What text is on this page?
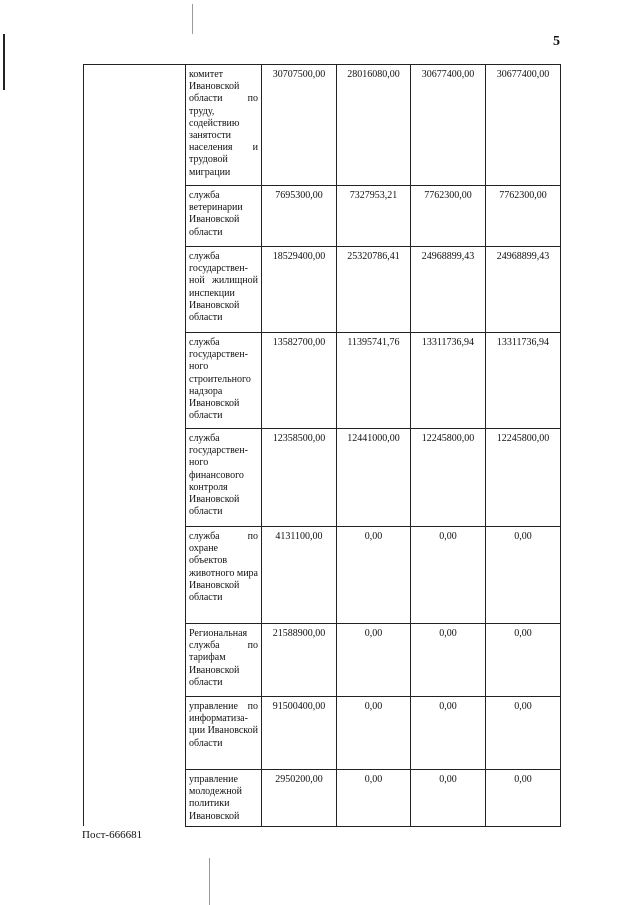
5
	комитет Ивановской области по труду, содействию занятости населения и трудовой миграции	30707500,00	28016080,00	30677400,00	30677400,00
	служба ветеринарии Ивановской области	7695300,00	7327953,21	7762300,00	7762300,00
	служба государственной жилищной инспекции Ивановской области	18529400,00	25320786,41	24968899,43	24968899,43
	служба государственного строительного надзора Ивановской области	13582700,00	11395741,76	13311736,94	13311736,94
	служба государственного финансового контроля Ивановской области	12358500,00	12441000,00	12245800,00	12245800,00
	служба по охране объектов животного мира Ивановской области	4131100,00	0,00	0,00	0,00
	Региональная служба по тарифам Ивановской области	21588900,00	0,00	0,00	0,00
	управление по информатизации Ивановской области	91500400,00	0,00	0,00	0,00
	управление молодежной политики Ивановской	2950200,00	0,00	0,00	0,00
Пост-666681
